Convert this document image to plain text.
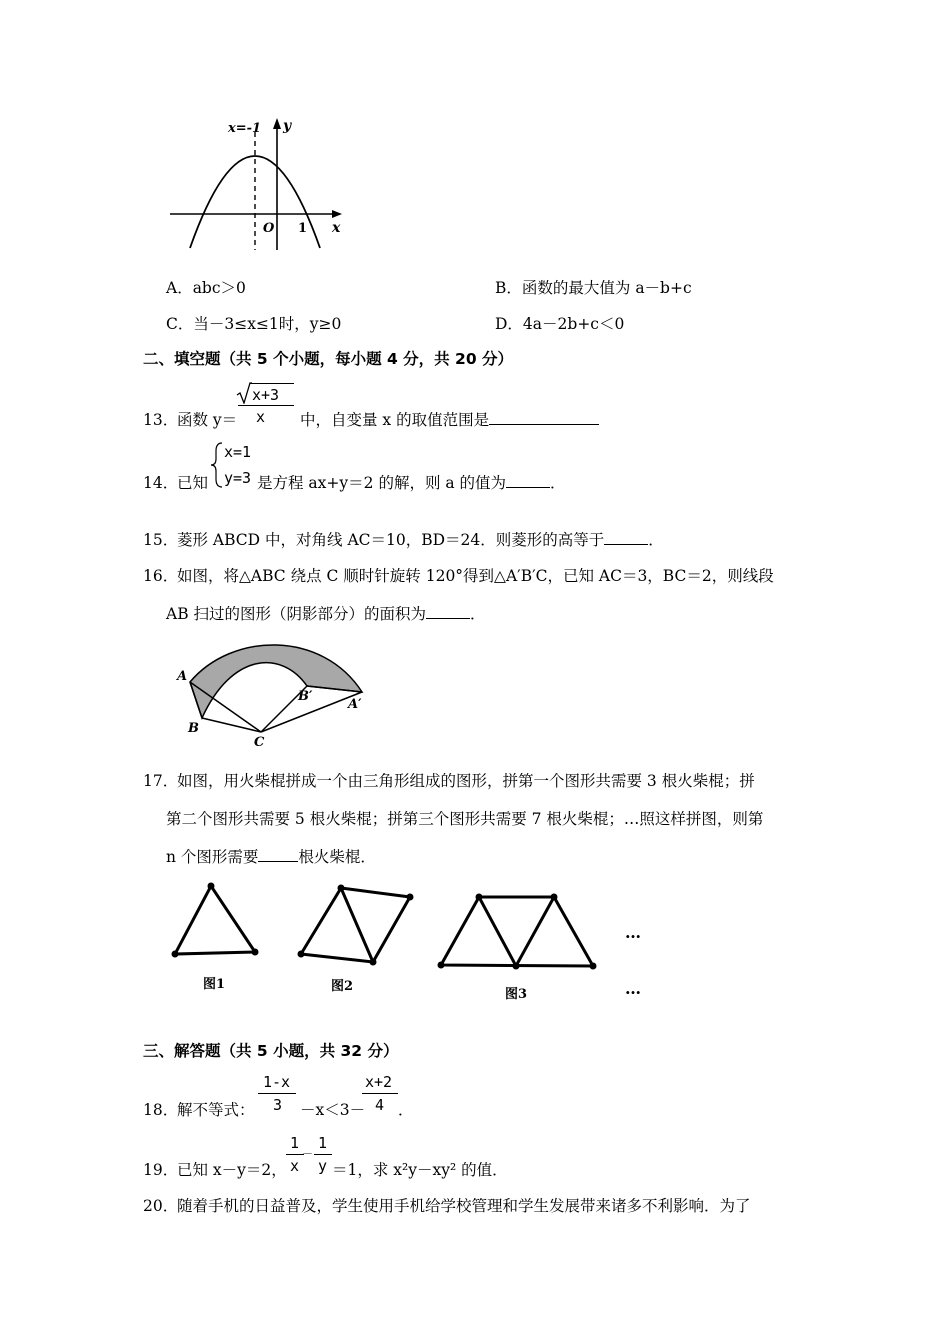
x=-1 y
x
O 1
A．abc＞0	B．函数的最大值为 a－b+c
C．当－3≤x≤1时，y≥0	D．4a－2b+c＜0
二、填空题（共 5 个小题，每小题 4 分，共 20 分）
13．
函数 y＝
x+3
x 中，自变量 x 的取值范围是
14．
已知
x=1
y=3 是方程 ax+y＝2 的解，则 a 的值为	．
15．
菱形 ABCD 中，对角线 AC＝10，BD＝24．则菱形的高等于	．
16．
如图，将△ABC 绕点 C 顺时针旋转 120°得到△A′B′C，已知 AC＝3，BC＝2，则线段
AB 扫过的图形（阴影部分）的面积为	．
A
B
C
A′
B′
17．
如图，用火柴棍拼成一个由三角形组成的图形，拼第一个图形共需要 3 根火柴棍；拼
第二个图形共需要 5 根火柴棍；拼第三个图形共需要 7 根火柴棍；…照这样拼图，则第
n 个图形需要	根火柴棍．
…
…
图1	图2
图3
三、解答题（共 5 小题，共 32 分）
18．
解不等式：
1-x
3 －x＜3－
x+2
4 ．
19．
已知 x－y＝2，
1
x
－
1
y ＝1，求 x²y－xy² 的值．
20．
随着手机的日益普及，学生使用手机给学校管理和学生发展带来诸多不利影响．为了
